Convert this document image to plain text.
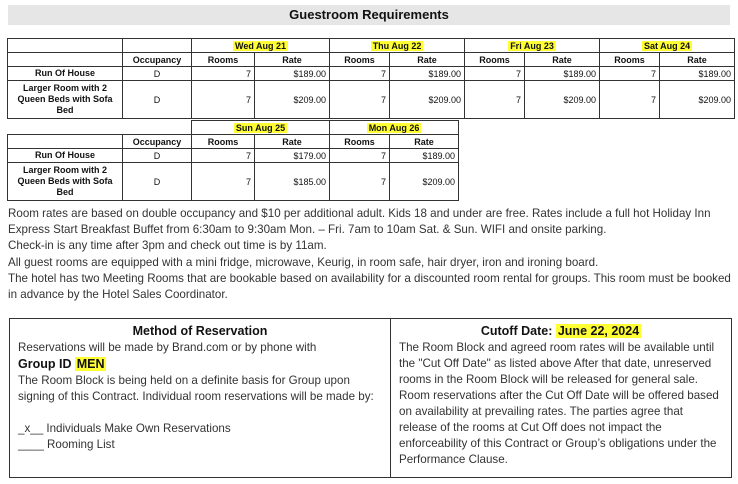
Guestroom Requirements
		Wed Aug 21		Thu Aug 22		Fri Aug 23		Sat Aug 24	
	Occupancy	Rooms	Rate	Rooms	Rate	Rooms	Rate	Rooms	Rate
Run Of House	D	7	$189.00	7	$189.00	7	$189.00	7	$189.00
Larger Room with 2 Queen Beds with Sofa Bed	D	7	$209.00	7	$209.00	7	$209.00	7	$209.00
		Sun Aug 25		Mon Aug 26	
	Occupancy	Rooms	Rate	Rooms	Rate
Run Of House	D	7	$179.00	7	$189.00
Larger Room with 2 Queen Beds with Sofa Bed	D	7	$185.00	7	$209.00

Room rates are based on double occupancy and $10 per additional adult. Kids 18 and under are free. Rates include a full hot Holiday Inn Express Start Breakfast Buffet from 6:30am to 9:30am Mon. – Fri. 7am to 10am Sat. & Sun. WIFI and onsite parking.

Check-in is any time after 3pm and check out time is by 11am.

All guest rooms are equipped with a mini fridge, microwave, Keurig, in room safe, hair dryer, iron and ironing board.

The hotel has two Meeting Rooms that are bookable based on availability for a discounted room rental for groups. This room must be booked in advance by the Hotel Sales Coordinator.

Method of Reservation

Reservations will be made by Brand.com or by phone with

Group ID MEN

The Room Block is being held on a definite basis for Group upon signing of this Contract. Individual room reservations will be made by:

_x__ Individuals Make Own Reservations

____ Rooming List

Cutoff Date: June 22, 2024

The Room Block and agreed room rates will be available until the "Cut Off Date" as listed above After that date, unreserved rooms in the Room Block will be released for general sale. Room reservations after the Cut Off Date will be offered based on availability at prevailing rates. The parties agree that release of the rooms at Cut Off does not impact the enforceability of this Contract or Group’s obligations under the Performance Clause.
